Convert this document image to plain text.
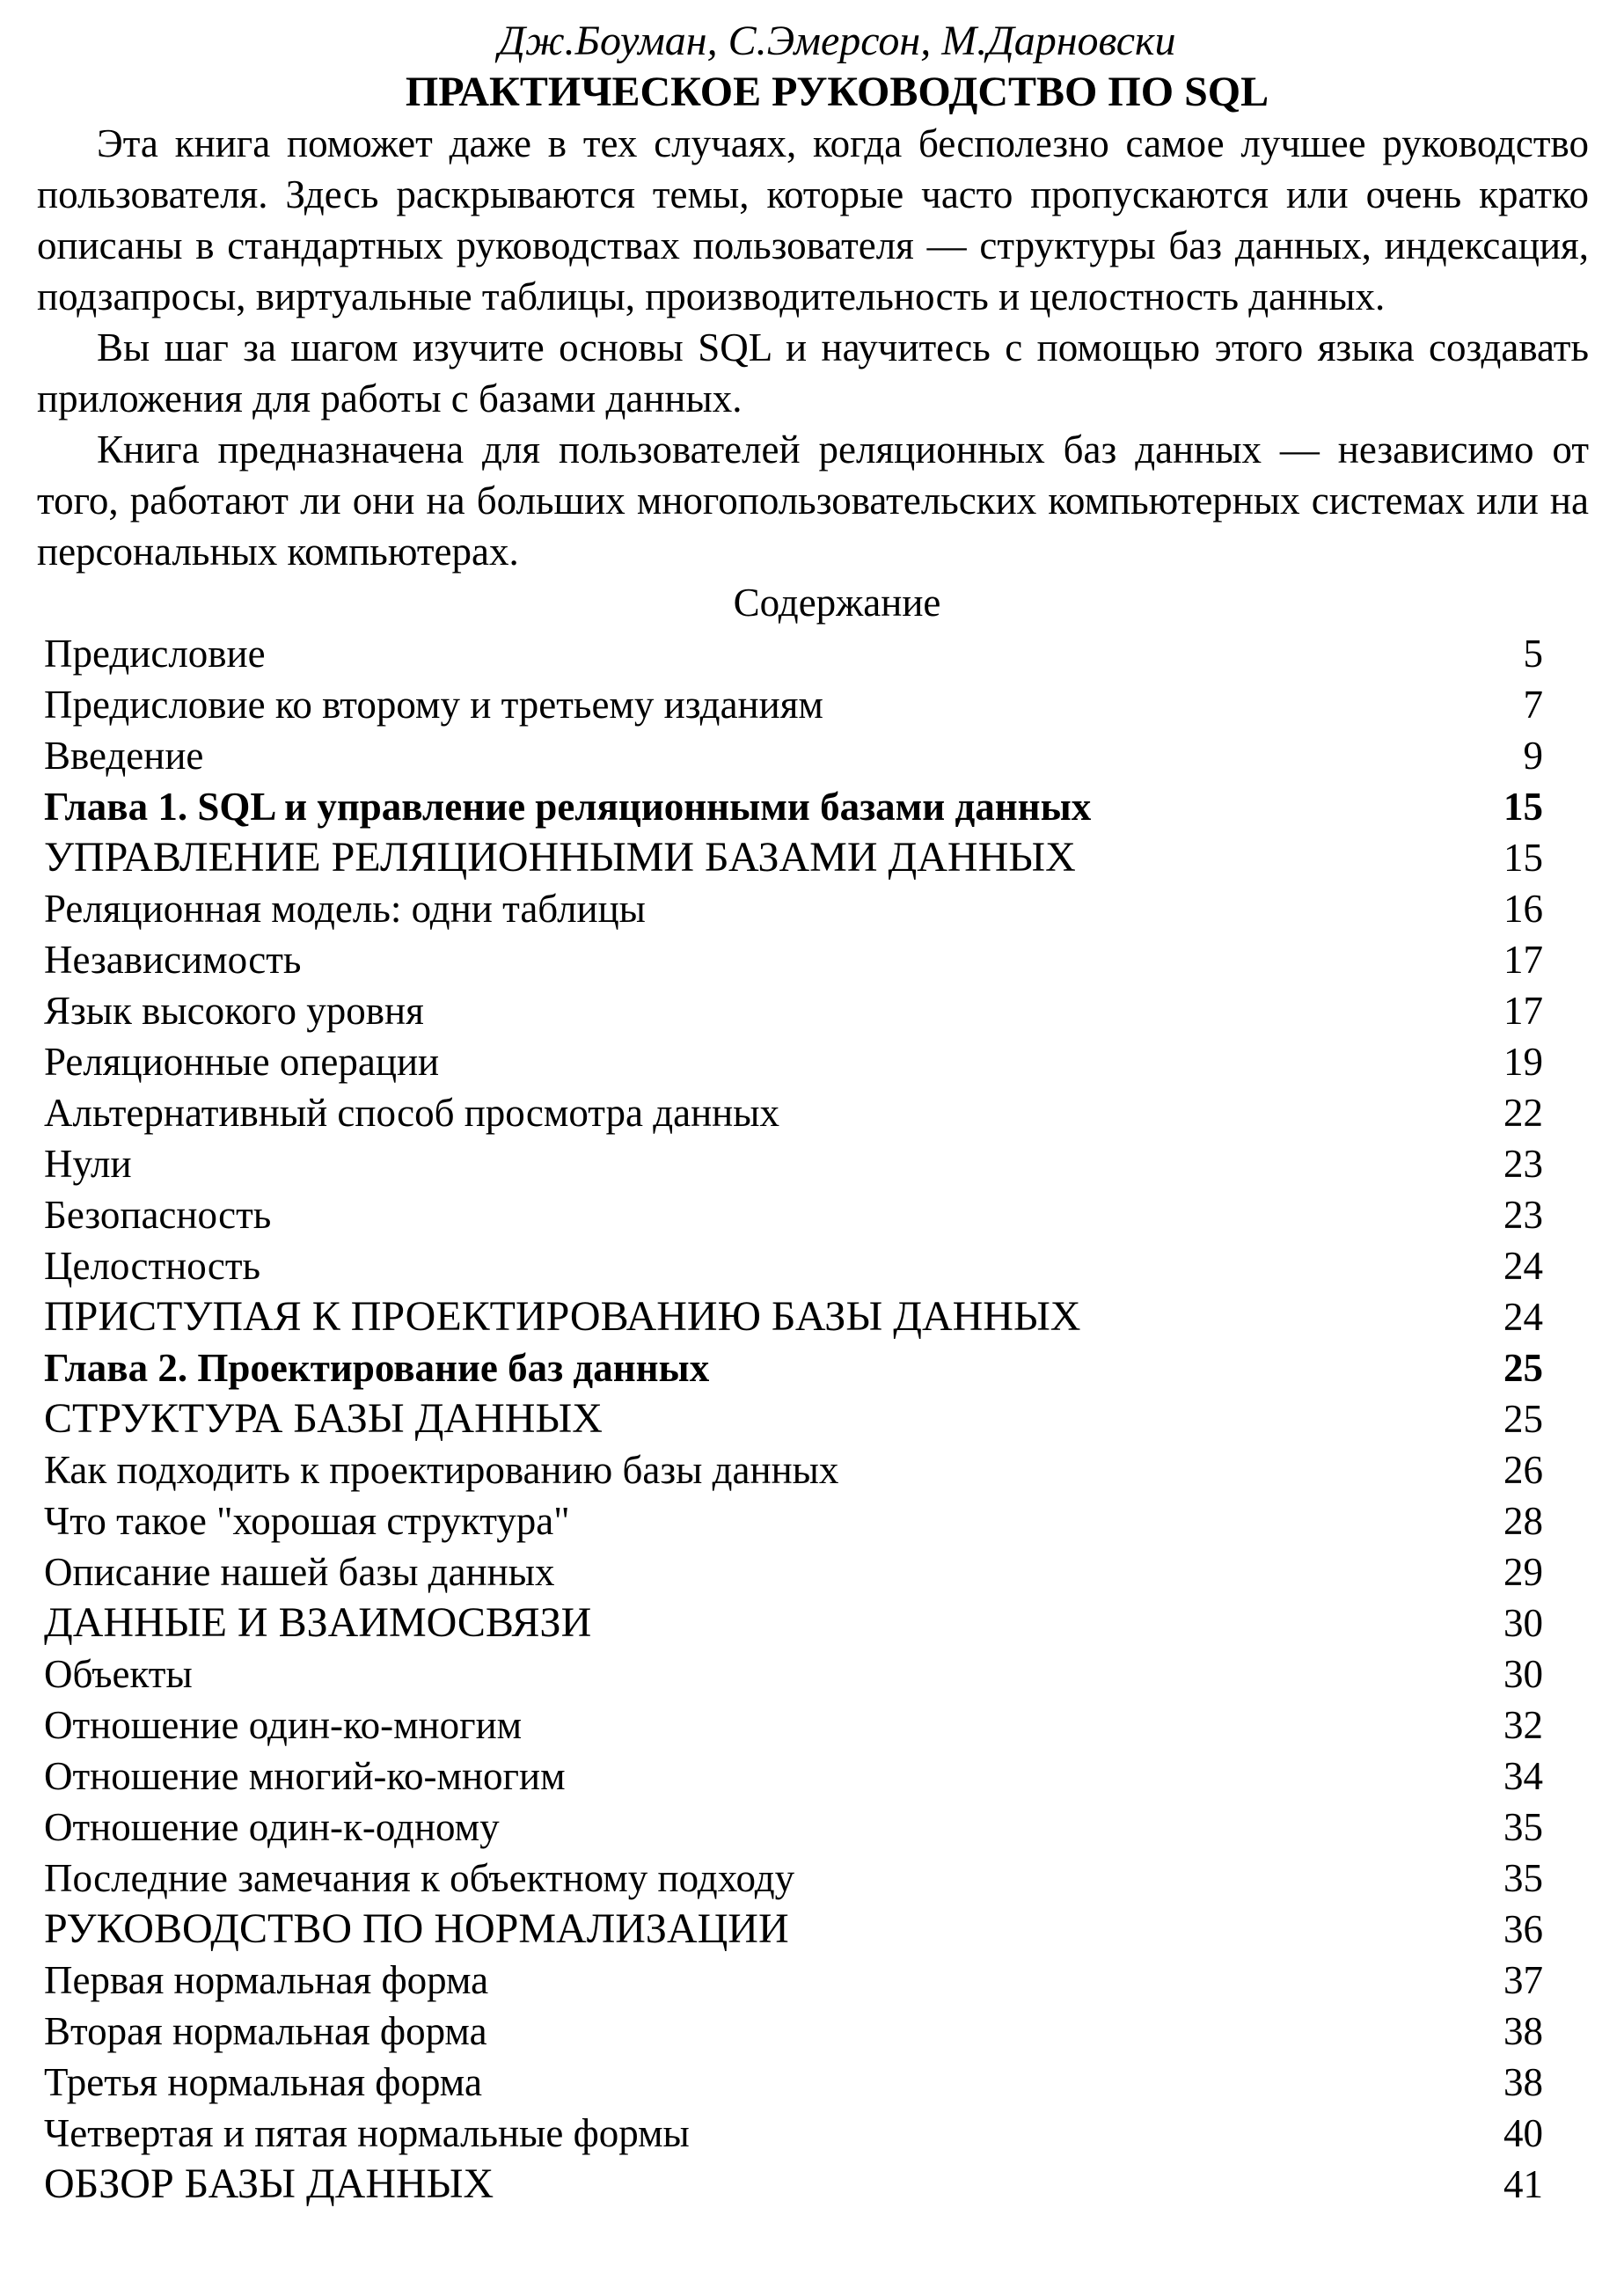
Дж.Боуман, С.Эмерсон, М.Дарновски
ПРАКТИЧЕСКОЕ РУКОВОДСТВО ПО SQL

Эта книга поможет даже в тех случаях, когда бесполезно самое лучшее руководство пользователя. Здесь раскрываются темы, которые часто пропускаются или очень кратко описаны в стандартных руководствах пользователя — структуры баз данных, индексация, подзапросы, виртуальные таблицы, производительность и целостность данных.

Вы шаг за шагом изучите основы SQL и научитесь с помощью этого языка создавать приложения для работы с базами данных.

Книга предназначена для пользователей реляционных баз данных — независимо от того, работают ли они на больших многопользовательских компьютерных системах или на персональных компьютерах.

Содержание
Предисловие	5
Предисловие ко второму и третьему изданиям	7
Введение	9
Глава 1. SQL и управление реляционными базами данных	15
УПРАВЛЕНИЕ РЕЛЯЦИОННЫМИ БАЗАМИ ДАННЫХ	15
Реляционная модель: одни таблицы	16
Независимость	17
Язык высокого уровня	17
Реляционные операции	19
Альтернативный способ просмотра данных	22
Нули	23
Безопасность	23
Целостность	24
ПРИСТУПАЯ К ПРОЕКТИРОВАНИЮ БАЗЫ ДАННЫХ	24
Глава 2. Проектирование баз данных	25
СТРУКТУРА БАЗЫ ДАННЫХ	25
Как подходить к проектированию базы данных	26
Что такое "хорошая структура"	28
Описание нашей базы данных	29
ДАННЫЕ И ВЗАИМОСВЯЗИ	30
Объекты	30
Отношение один-ко-многим	32
Отношение многий-ко-многим	34
Отношение один-к-одному	35
Последние замечания к объектному подходу	35
РУКОВОДСТВО ПО НОРМАЛИЗАЦИИ	36
Первая нормальная форма	37
Вторая нормальная форма	38
Третья нормальная форма	38
Четвертая и пятая нормальные формы	40
ОБЗОР БАЗЫ ДАННЫХ	41
